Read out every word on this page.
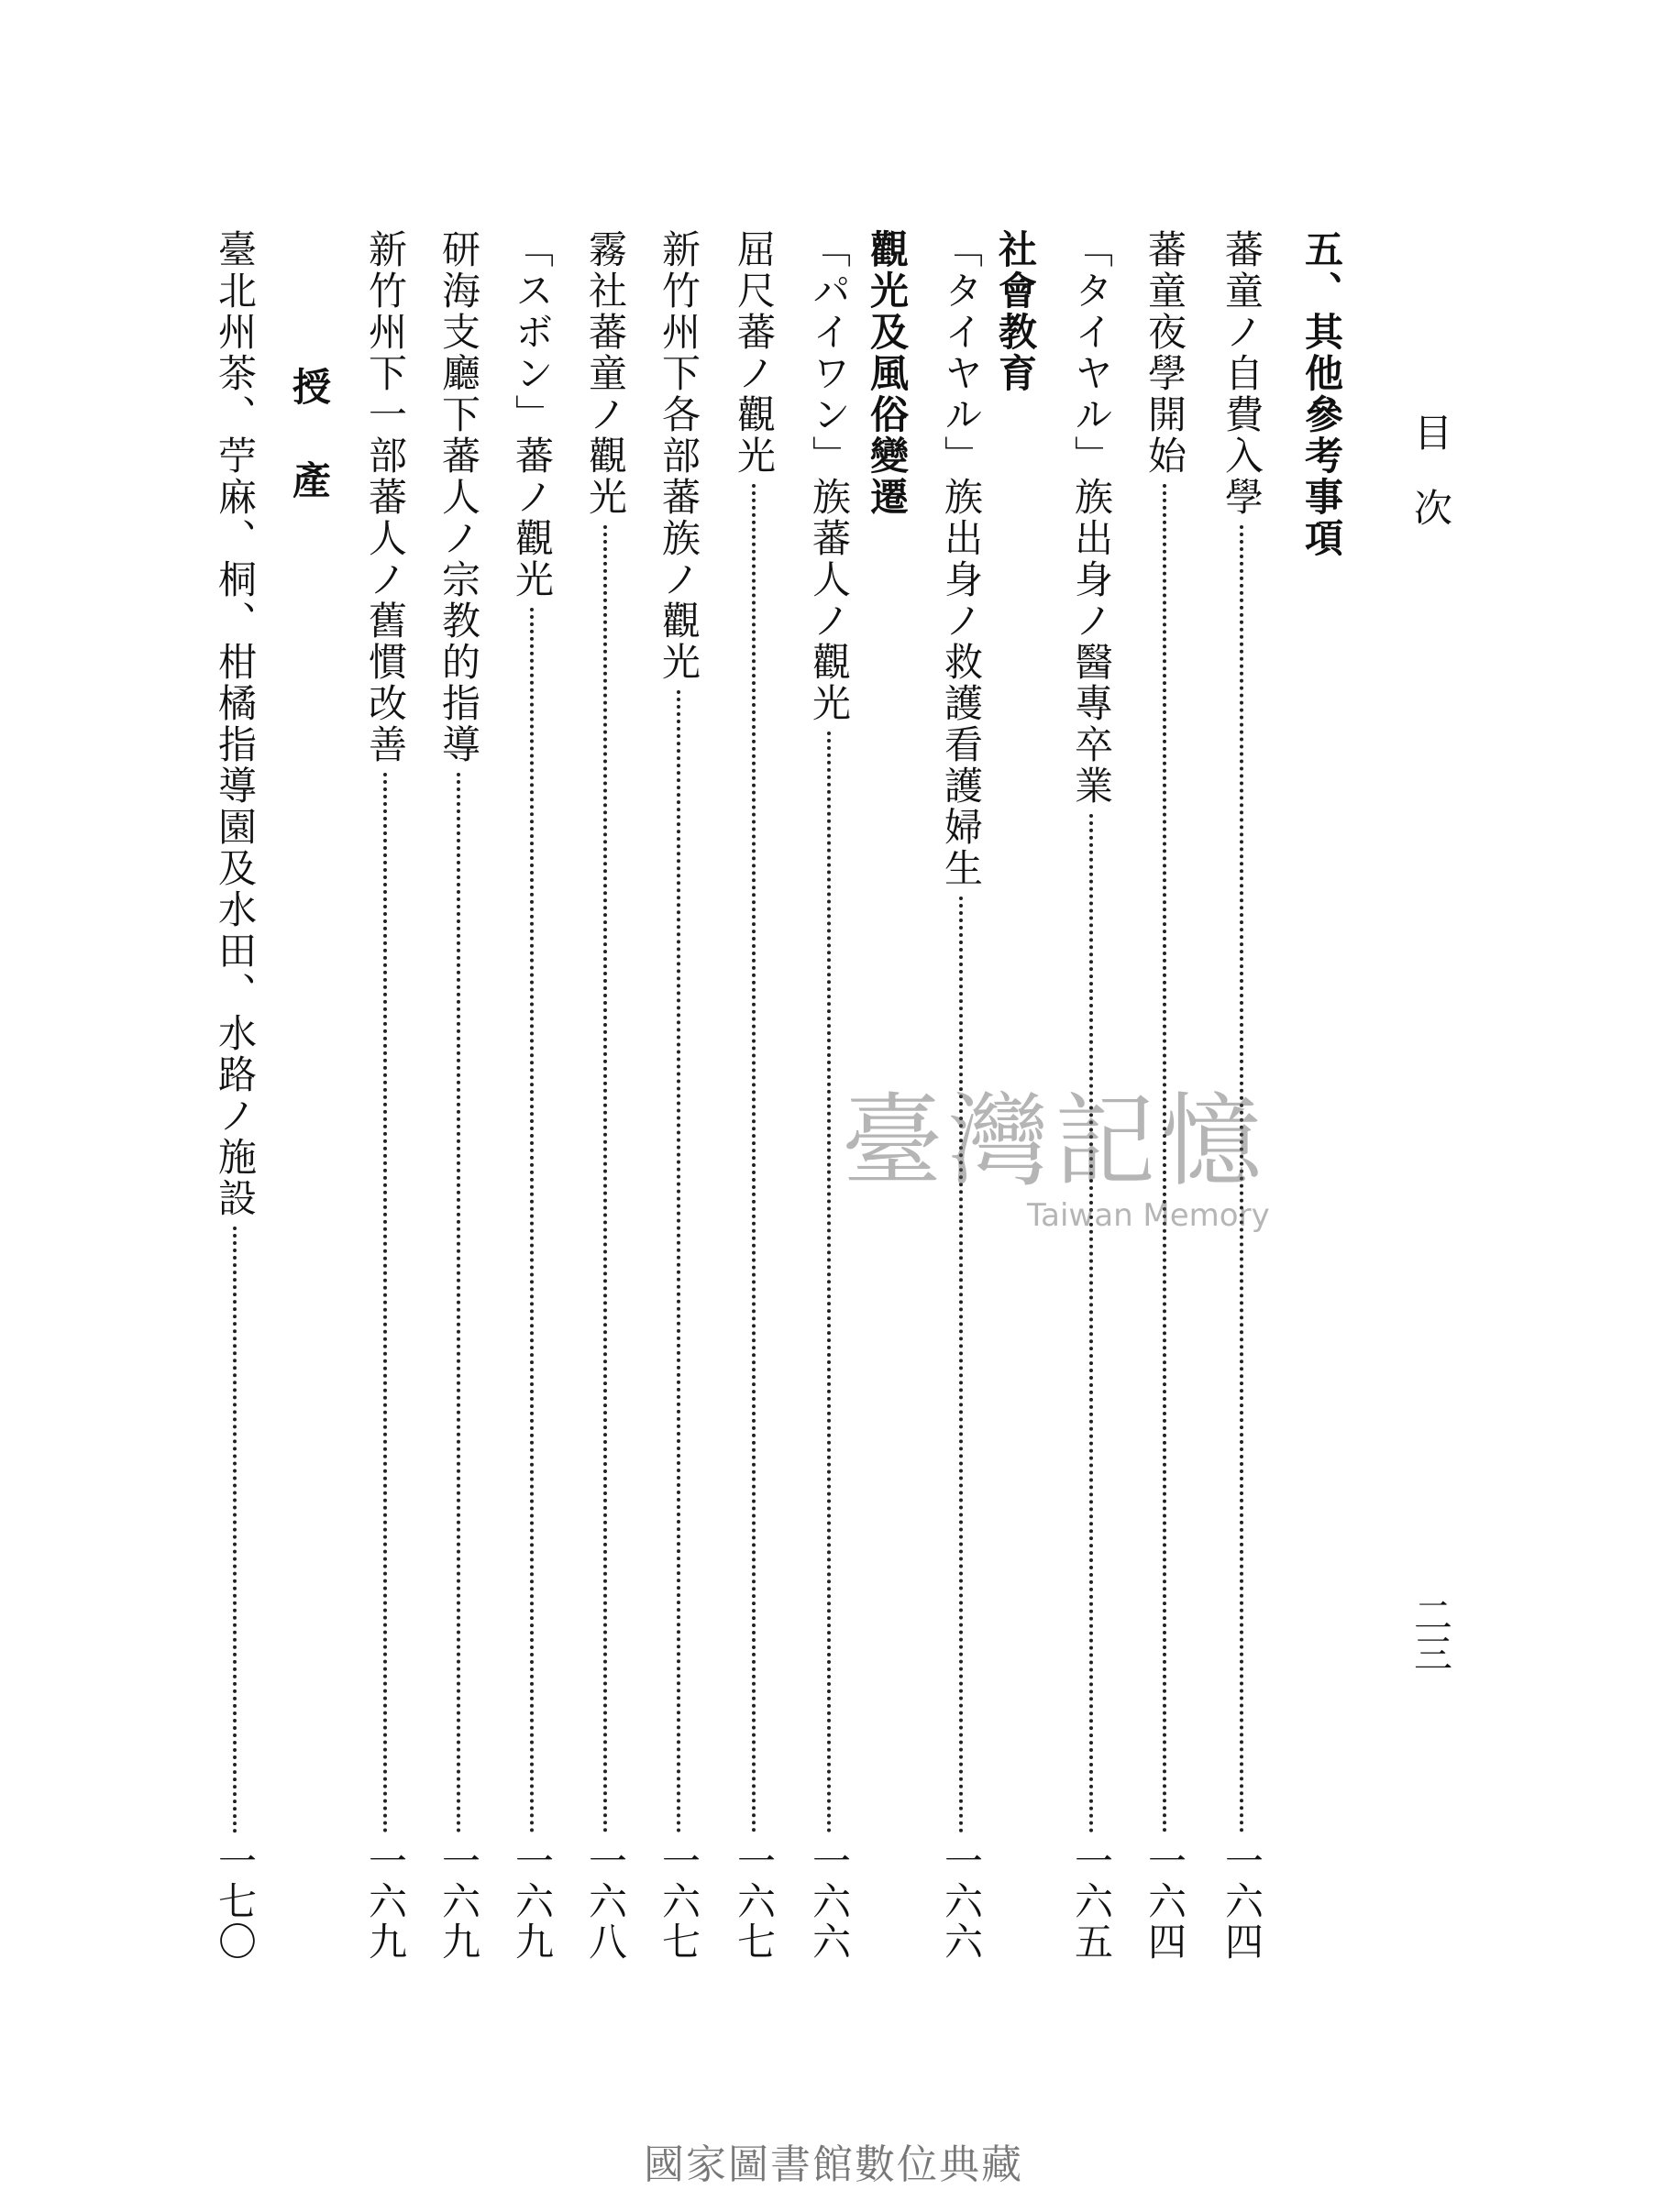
目次
二三
五、其他參考事項
蕃童ノ自費入學
一六四
蕃童夜學開始
一六四
「タイヤル」族出身ノ醫專卒業
一六五
社會教育
「タイヤル」族出身ノ救護看護婦生
一六六
觀光及風俗變遷
「パイワン」族蕃人ノ觀光
一六六
屈尺蕃ノ觀光
一六七
新竹州下各部蕃族ノ觀光
一六七
霧社蕃童ノ觀光
一六八
「スボン」蕃ノ觀光
一六九
研海支廳下蕃人ノ宗教的指導
一六九
新竹州下一部蕃人ノ舊慣改善
一六九
授產
臺北州茶、苧麻、桐、柑橘指導園及水田、水路ノ施設
一七〇
臺灣記憶
Taiwan Memory
國家圖書館數位典藏
